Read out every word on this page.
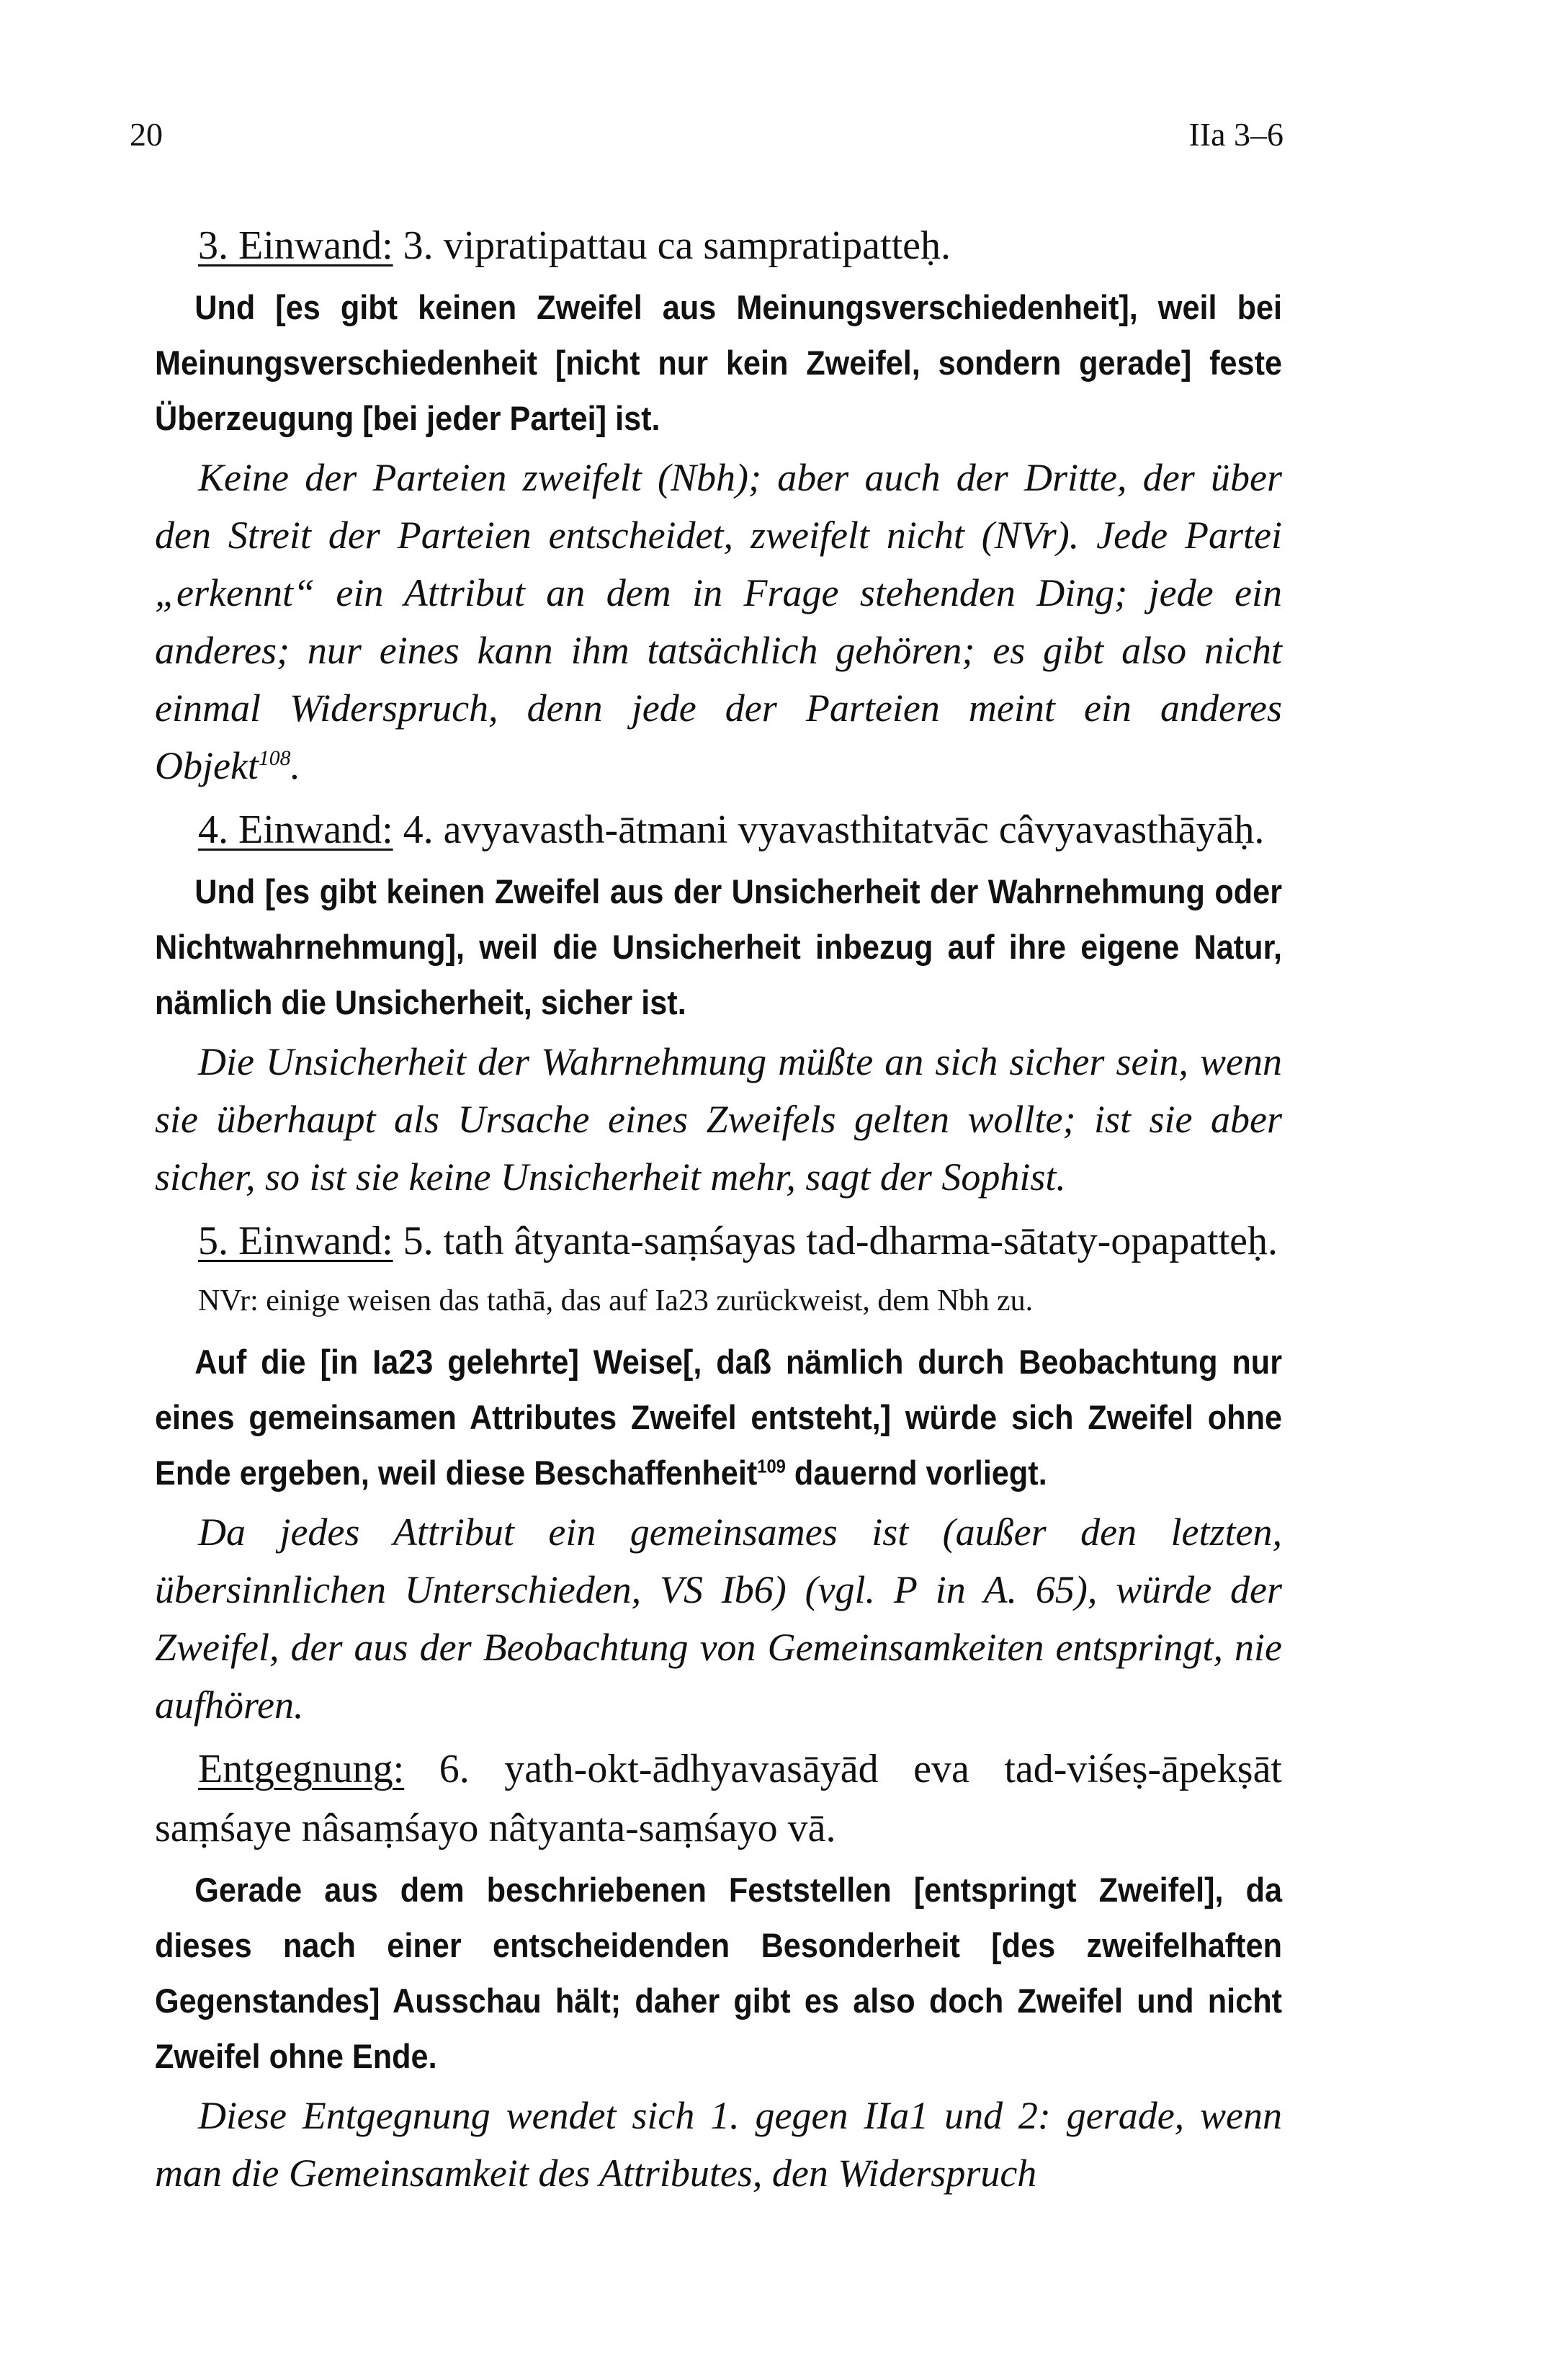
20	IIa 3–6

3. Einwand: 3. vipratipattau ca sampratipatteḥ.

Und [es gibt keinen Zweifel aus Meinungsverschiedenheit], weil bei Meinungsverschiedenheit [nicht nur kein Zweifel, sondern gerade] feste Überzeugung [bei jeder Partei] ist.

Keine der Parteien zweifelt (Nbh); aber auch der Dritte, der über den Streit der Parteien entscheidet, zweifelt nicht (NVr). Jede Partei „erkennt“ ein Attribut an dem in Frage stehenden Ding; jede ein anderes; nur eines kann ihm tatsächlich gehören; es gibt also nicht einmal Widerspruch, denn jede der Parteien meint ein anderes Objekt$^{108}$.

4. Einwand: 4. avyavasth-ātmani vyavasthitatvāc câvyavasthāyāḥ.

Und [es gibt keinen Zweifel aus der Unsicherheit der Wahrnehmung oder Nichtwahrnehmung], weil die Unsicherheit inbezug auf ihre eigene Natur, nämlich die Unsicherheit, sicher ist.

Die Unsicherheit der Wahrnehmung müßte an sich sicher sein, wenn sie überhaupt als Ursache eines Zweifels gelten wollte; ist sie aber sicher, so ist sie keine Unsicherheit mehr, sagt der Sophist.

5. Einwand: 5. tath âtyanta-saṃśayas tad-dharma-sātaty-opapatteḥ.

NVr: einige weisen das tathā, das auf Ia23 zurückweist, dem Nbh zu.

Auf die [in Ia23 gelehrte] Weise[, daß nämlich durch Beobachtung nur eines gemeinsamen Attributes Zweifel entsteht,] würde sich Zweifel ohne Ende ergeben, weil diese Beschaffenheit$^{109}$ dauernd vorliegt.

Da jedes Attribut ein gemeinsames ist (außer den letzten, übersinnlichen Unterschieden, VS Ib6) (vgl. P in A. 65), würde der Zweifel, der aus der Beobachtung von Gemeinsamkeiten entspringt, nie aufhören.

Entgegnung: 6. yath-okt-ādhyavasāyād eva tad-viśeṣ-āpekṣāt saṃśaye nâsaṃśayo nâtyanta-saṃśayo vā.

Gerade aus dem beschriebenen Feststellen [entspringt Zweifel], da dieses nach einer entscheidenden Besonderheit [des zweifelhaften Gegenstandes] Ausschau hält; daher gibt es also doch Zweifel und nicht Zweifel ohne Ende.

Diese Entgegnung wendet sich 1. gegen IIa1 und 2: gerade, wenn man die Gemeinsamkeit des Attributes, den Widerspruch
